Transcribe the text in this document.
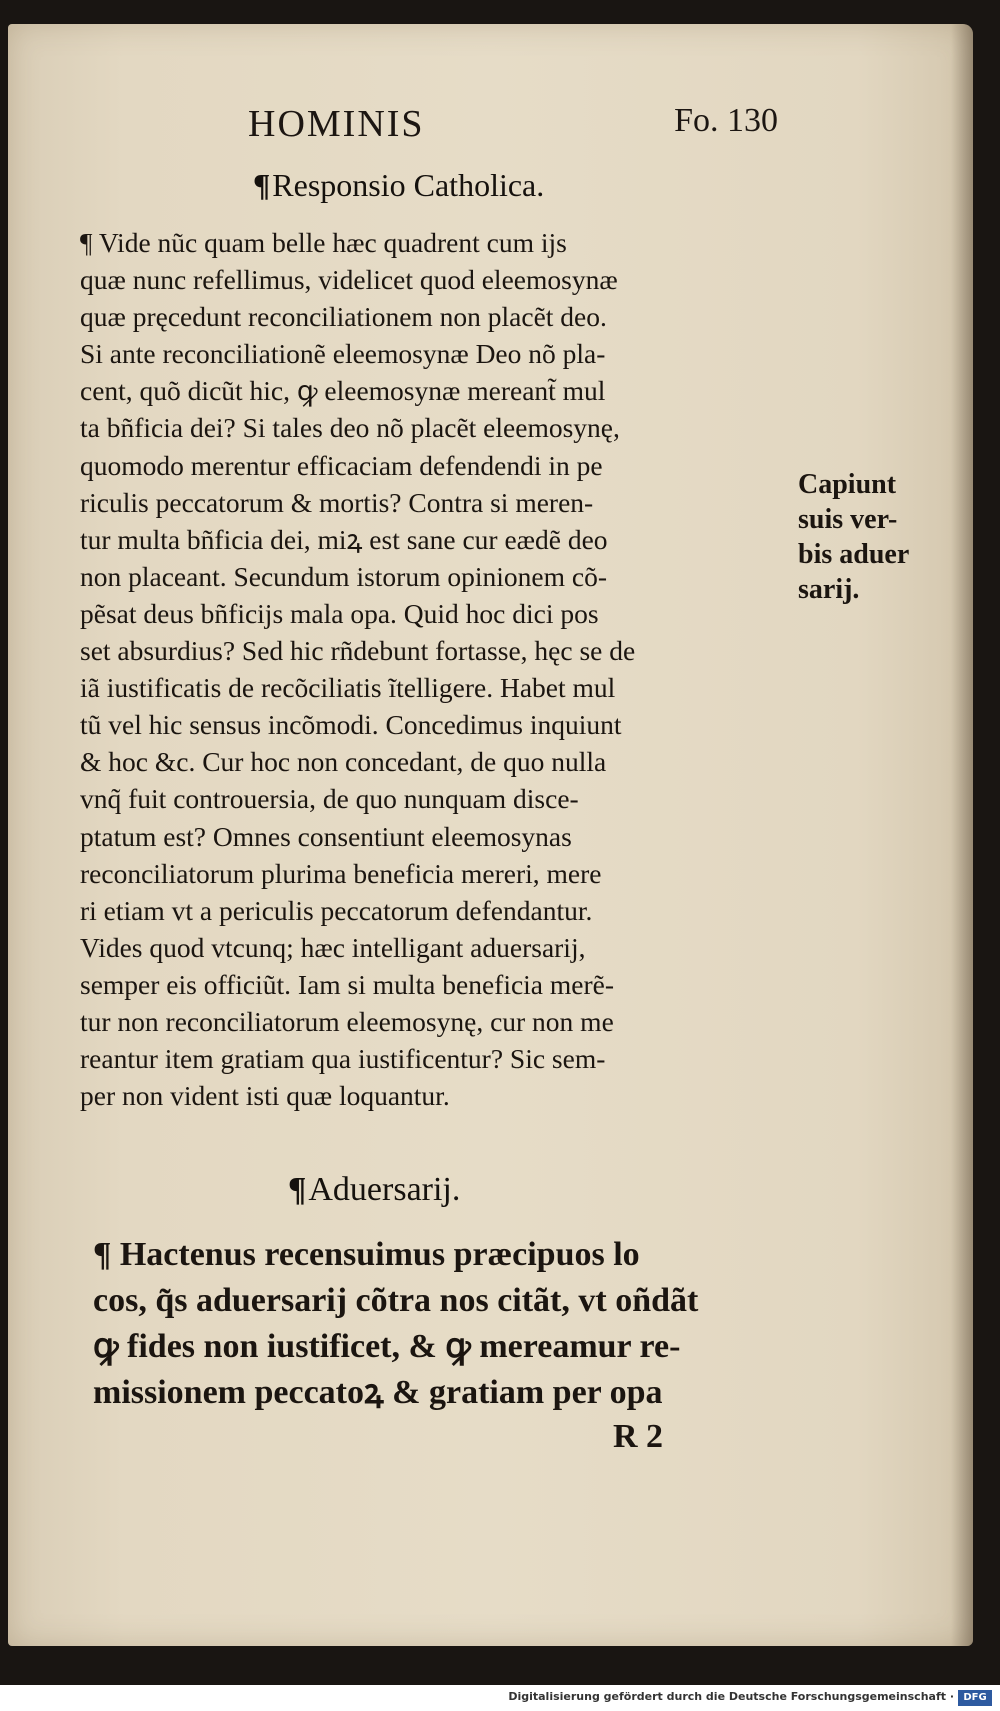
HOMINIS	Fo. 130
¶Responsio Catholica.
¶ Vide nũc quam belle hæc quadrent cum ijs
quæ nunc refellimus, videlicet quod eleemosynæ
quæ pręcedunt reconciliationem non placẽt deo.
Si ante reconciliationẽ eleemosynæ Deo nõ pla-
cent, quõ dicũt hic, ꝙ eleemosynæ mereant̃ mul
ta bñficia dei? Si tales deo nõ placẽt eleemosynę,
quomodo merentur efficaciam defendendi in pe
riculis peccatorum & mortis? Contra si meren-
tur multa bñficia dei, miꝝ est sane cur eædẽ deo
non placeant. Secundum istorum opinionem cõ-
pẽsat deus bñficijs mala opa. Quid hoc dici pos
set absurdius? Sed hic rñdebunt fortasse, hęc se de
iã iustificatis de recõciliatis ĩtelligere. Habet mul
tũ vel hic sensus incõmodi. Concedimus inquiunt
& hoc &c. Cur hoc non concedant, de quo nulla
vnq̃ fuit controuersia, de quo nunquam disce-
ptatum est? Omnes consentiunt eleemosynas
reconciliatorum plurima beneficia mereri, mere
ri etiam vt a periculis peccatorum defendantur.
Vides quod vtcunq; hæc intelligant aduersarij,
semper eis officiũt. Iam si multa beneficia merẽ-
tur non reconciliatorum eleemosynę, cur non me
reantur item gratiam qua iustificentur? Sic sem-
per non vident isti quæ loquantur.
Capiunt
suis ver-
bis aduer
sarij.
¶Aduersarij.
¶ Hactenus recensuimus præcipuos lo
cos, q̃s aduersarij cõtra nos citãt, vt oñdãt
ꝙ fides non iustificet, & ꝙ mereamur re-
missionem peccatoꝝ & gratiam per opa
R 2
Digitalisierung gefördert durch die Deutsche Forschungsgemeinschaft · DFG
